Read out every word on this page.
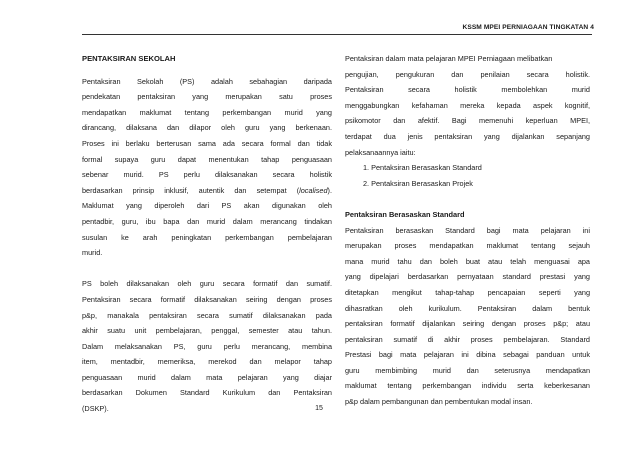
KSSM MPEI PERNIAGAAN TINGKATAN 4
PENTAKSIRAN SEKOLAH

Pentaksiran Sekolah (PS) adalah sebahagian daripada

pendekatan pentaksiran yang merupakan satu proses

mendapatkan maklumat tentang perkembangan murid yang

dirancang, dilaksana dan dilapor oleh guru yang berkenaan.

Proses ini berlaku berterusan sama ada secara formal dan tidak

formal supaya guru dapat menentukan tahap penguasaan

sebenar murid. PS perlu dilaksanakan secara holistik

berdasarkan prinsip inklusif, autentik dan setempat (localised).

Maklumat yang diperoleh dari PS akan digunakan oleh

pentadbir, guru, ibu bapa dan murid dalam merancang tindakan

susulan ke arah peningkatan perkembangan pembelajaran

murid.

PS boleh dilaksanakan oleh guru secara formatif dan sumatif.

Pentaksiran secara formatif dilaksanakan seiring dengan proses

p&p, manakala pentaksiran secara sumatif dilaksanakan pada

akhir suatu unit pembelajaran, penggal, semester atau tahun.

Dalam melaksanakan PS, guru perlu merancang, membina

item, mentadbir, memeriksa, merekod dan melapor tahap

penguasaan murid dalam mata pelajaran yang diajar

berdasarkan Dokumen Standard Kurikulum dan Pentaksiran

(DSKP).

Pentaksiran dalam mata pelajaran MPEI Perniagaan melibatkan

pengujian, pengukuran dan penilaian secara holistik.

Pentaksiran secara holistik membolehkan murid

menggabungkan kefahaman mereka kepada aspek kognitif,

psikomotor dan afektif. Bagi memenuhi keperluan MPEI,

terdapat dua jenis pentaksiran yang dijalankan sepanjang

pelaksanaannya iaitu:

1. Pentaksiran Berasaskan Standard
2. Pentaksiran Berasaskan Projek
Pentaksiran Berasaskan Standard

Pentaksiran berasaskan Standard bagi mata pelajaran ini

merupakan proses mendapatkan maklumat tentang sejauh

mana murid tahu dan boleh buat atau telah menguasai apa

yang dipelajari berdasarkan pernyataan standard prestasi yang

ditetapkan mengikut tahap-tahap pencapaian seperti yang

dihasratkan oleh kurikulum. Pentaksiran dalam bentuk

pentaksiran formatif dijalankan seiring dengan proses p&p; atau

pentaksiran sumatif di akhir proses pembelajaran. Standard

Prestasi bagi mata pelajaran ini dibina sebagai panduan untuk

guru membimbing murid dan seterusnya mendapatkan

maklumat tentang perkembangan individu serta keberkesanan

p&p dalam pembangunan dan pembentukan modal insan.

15
